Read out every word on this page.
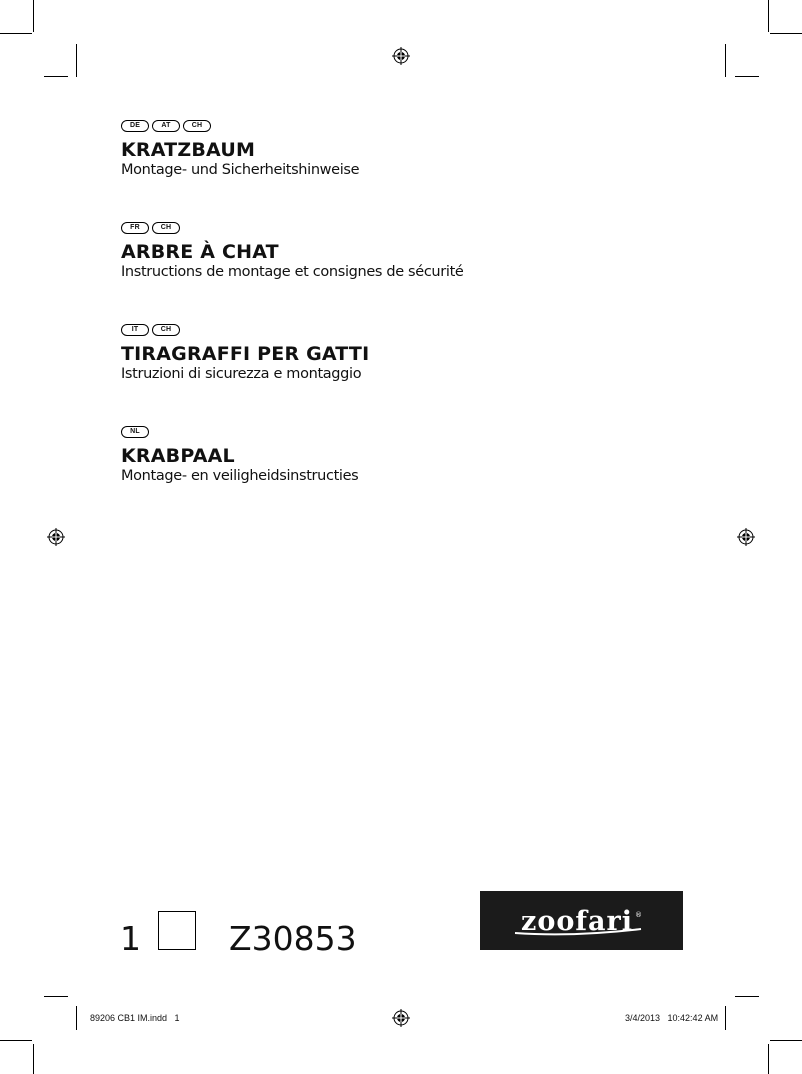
DE	AT	CH
KRATZBAUM
Montage- und Sicherheitshinweise
FR	CH
ARBRE À CHAT
Instructions de montage et consignes de sécurité
IT	CH
TIRAGRAFFI PER GATTI
Istruzioni di sicurezza e montaggio
NL
KRABPAAL
Montage- en veiligheidsinstructies
1	Z30853	zoofari ®
89206 CB1 IM.indd   1	3/4/2013   10:42:42 AM
